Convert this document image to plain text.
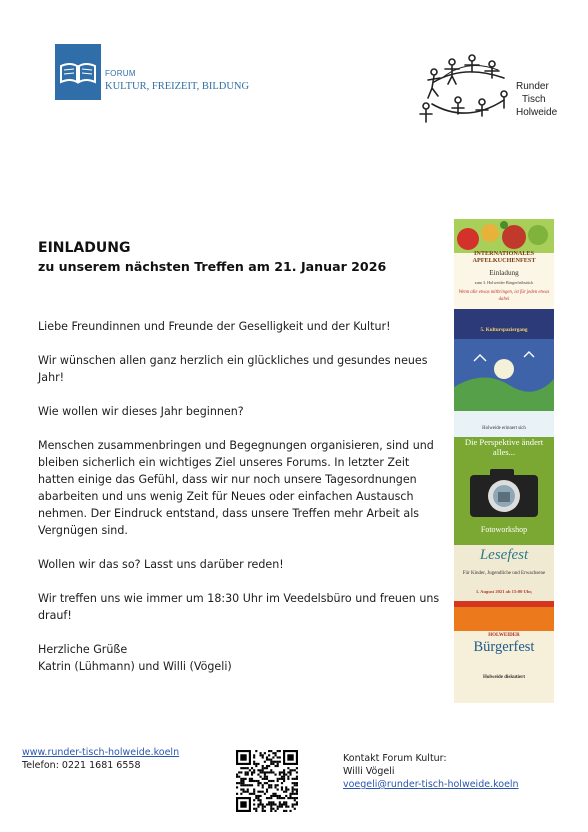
FORUM
KULTUR, FREIZEIT, BILDUNG	Runder
Tisch
Holweide
EINLADUNG
zu unserem nächsten Treffen am 21. Januar 2026

Liebe Freundinnen und Freunde der Geselligkeit und der Kultur!

Wir wünschen allen ganz herzlich ein glückliches und gesundes neues Jahr!

Wie wollen wir dieses Jahr beginnen?

Menschen zusammenbringen und Begegnungen organisieren, sind und bleiben sicherlich ein wichtiges Ziel unseres Forums. In letzter Zeit hatten einige das Gefühl, dass wir nur noch unsere Tagesordnungen abarbeiten und uns wenig Zeit für Neues oder einfachen Austausch nehmen. Der Eindruck entstand, dass unsere Treffen mehr Arbeit als Vergnügen sind.

Wollen wir das so? Lasst uns darüber reden!

Wir treffen uns wie immer um 18:30 Uhr im Veedelsbüro und freuen uns drauf!

Herzliche Grüße
Katrin (Lühmann) und Willi (Vögeli)
INTERNATIONALES APFELKUCHENFEST
Einladung
zum 3. Holweider Bürgerfrühstück
Wenn alle etwas mitbringen, ist für jeden etwas dabei
5. Kulturspaziergang
Holweide erinnert sich
Die Perspektive ändert alles...
Fotoworkshop
Lesefest
Für Kinder, Jugendliche und Erwachsene
1. August 2021 ab 15:00 Uhr,
HOLWEIDER
Bürgerfest
Holweide diskutiert
www.runder-tisch-holweide.koeln
Telefon: 0221 1681 6558
Kontakt Forum Kultur:
Willi Vögeli
voegeli@runder-tisch-holweide.koeln
